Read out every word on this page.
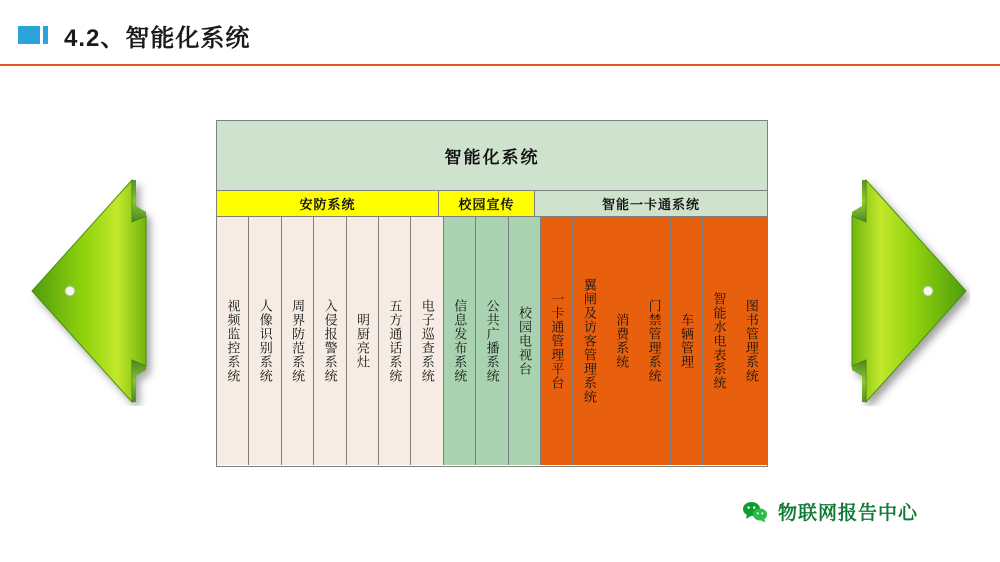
4.2、智能化系统
智能化系统
安防系统	校园宣传	智能一卡通系统
视频监控系统 人像识别系统 周界防范系统 入侵报警系统 明厨亮灶 五方通话系统 电子巡查系统 信息发布系统 公共广播系统 校园电视台 一卡通管理平台 翼闸及访客管理系统 消费系统 门禁管理系统 车辆管理 智能水电表系统 图书管理系统
物联网报告中心
